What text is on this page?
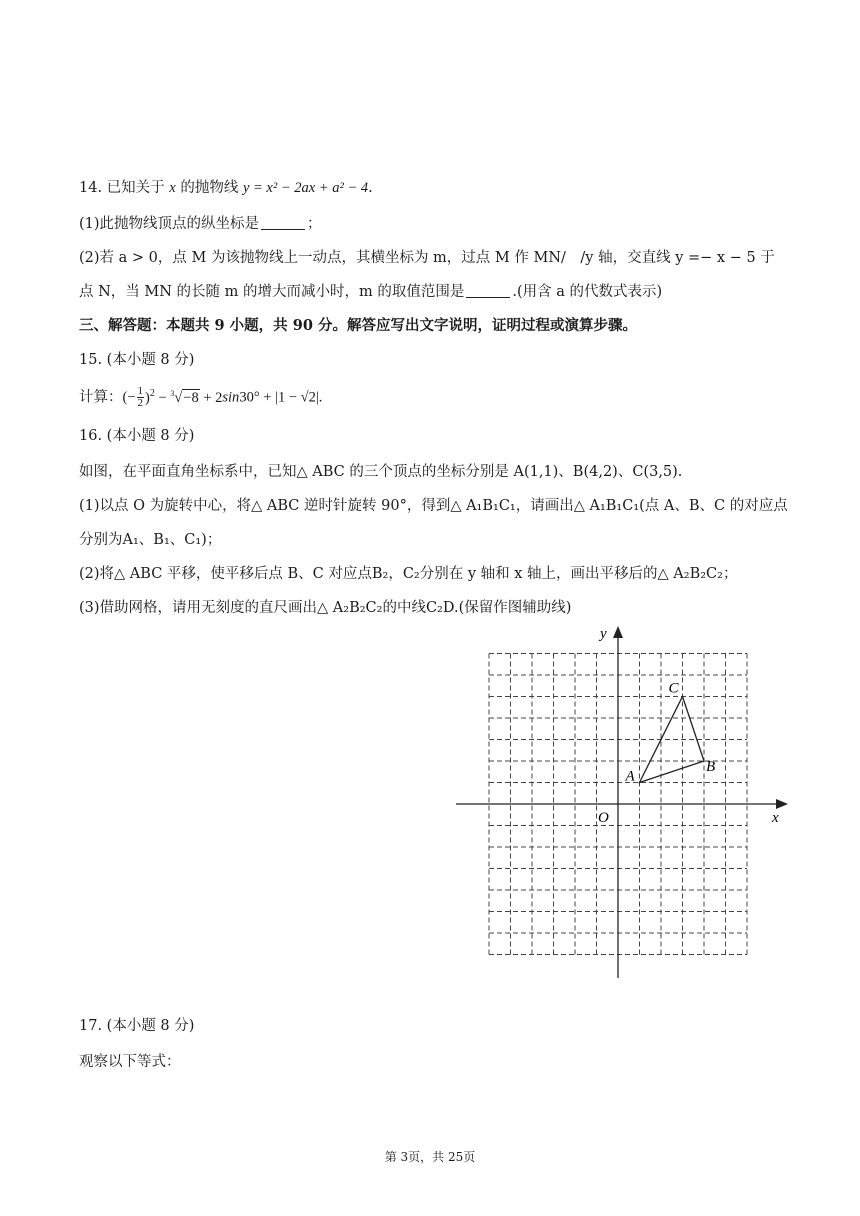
14. 已知关于 x 的抛物线 y = x² − 2ax + a² − 4.
(1)此抛物线顶点的纵坐标是	；
(2)若 a > 0，点 M 为该抛物线上一动点，其横坐标为 m，过点 M 作 MN/　/y 轴，交直线 y =− x − 5 于
点 N，当 MN 的长随 m 的增大而减小时，m 的取值范围是	.(用含 a 的代数式表示)
三、解答题：本题共 9 小题，共 90 分。解答应写出文字说明，证明过程或演算步骤。
15. (本小题 8 分)
计算：(− $\frac{1}{2} )^2 - ^3√-8 + 2\sin 30^\circ + |1 - √2|$.
16. (本小题 8 分)
如图，在平面直角坐标系中，已知△ ABC 的三个顶点的坐标分别是 A(1,1)、B(4,2)、C(3,5).
(1)以点 O 为旋转中心，将△ ABC 逆时针旋转 90°，得到△ A₁B₁C₁，请画出△ A₁B₁C₁(点 A、B、C 的对应点
分别为A₁、B₁、C₁)；
(2)将△ ABC 平移，使平移后点 B、C 对应点B₂，C₂分别在 y 轴和 x 轴上，画出平移后的△ A₂B₂C₂；
(3)借助网格，请用无刻度的直尺画出△ A₂B₂C₂的中线C₂D.(保留作图辅助线)
y
x
O
A
B
C
17. (本小题 8 分)
观察以下等式：
第 3页，共 25页
